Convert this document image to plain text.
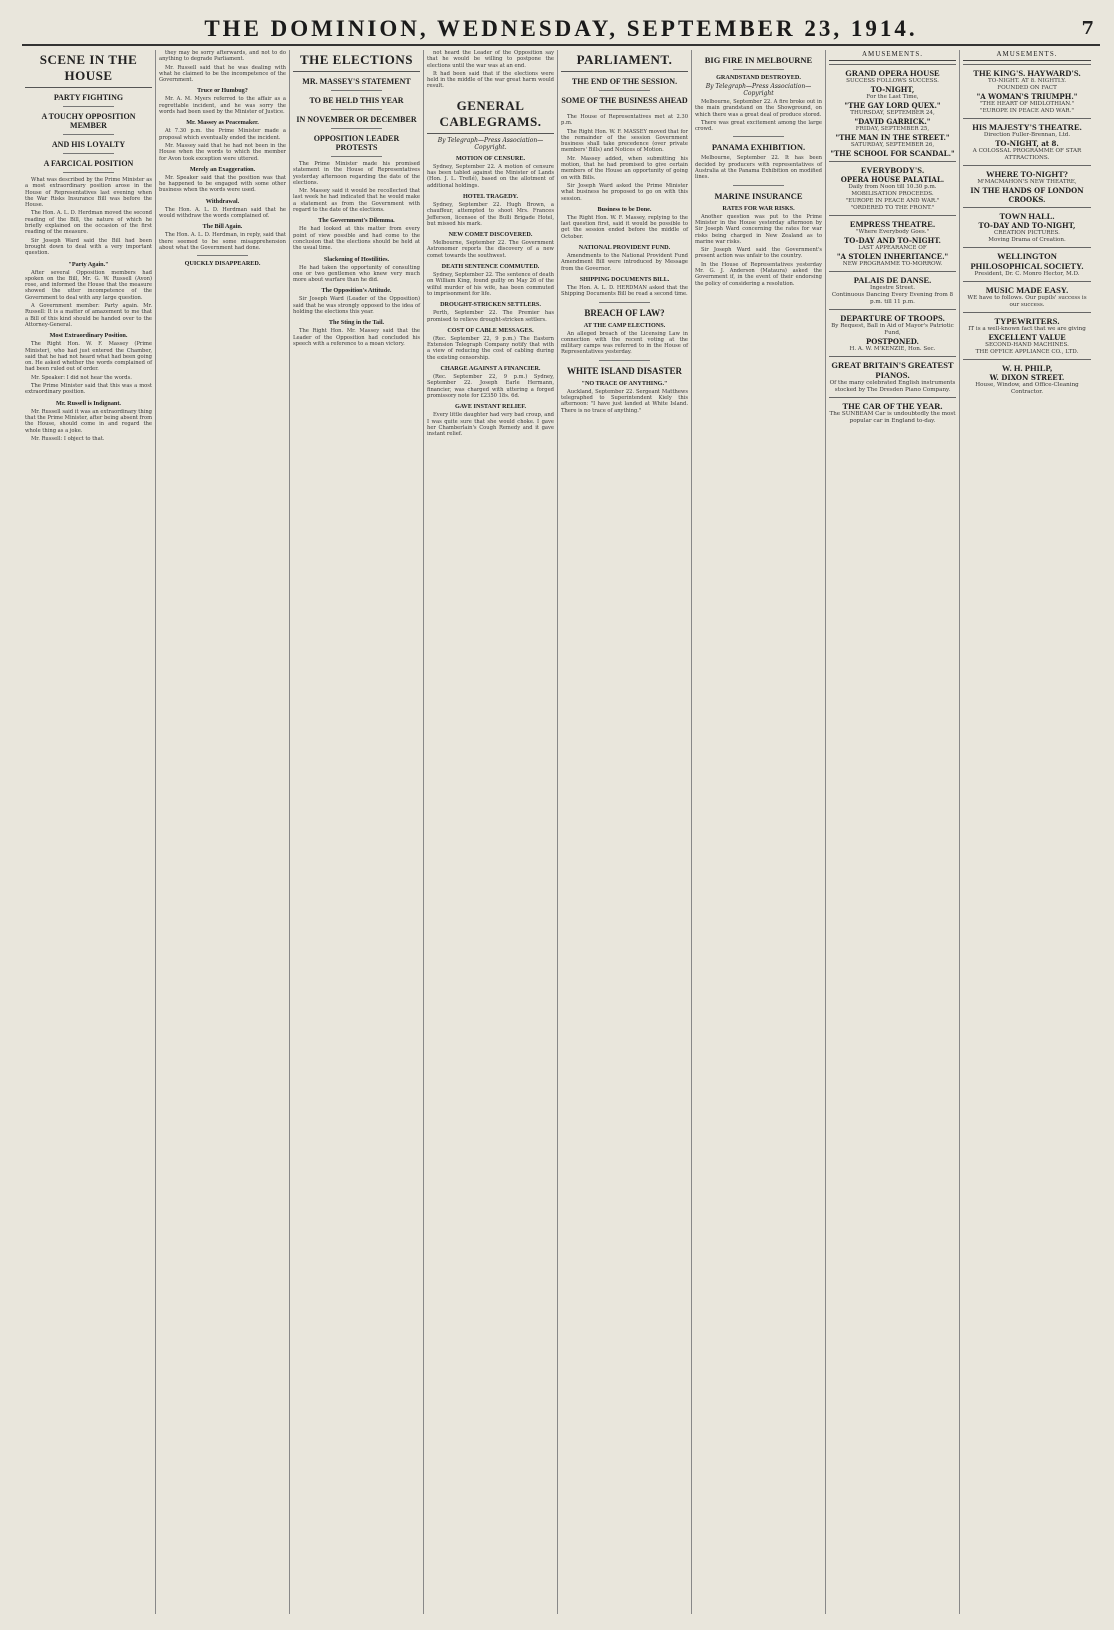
THE DOMINION, WEDNESDAY, SEPTEMBER 23, 1914.	7
SCENE IN THE HOUSE
PARTY FIGHTING
A TOUCHY OPPOSITION MEMBER
AND HIS LOYALTY
A FARCICAL POSITION

What was described by the Prime Minister as a most extraordinary position arose in the House of Representatives last evening when the War Risks Insurance Bill was before the House.

The Hon. A. L. D. Herdman moved the second reading of the Bill, the nature of which he briefly explained on the occasion of the first reading of the measure.

Sir Joseph Ward said the Bill had been brought down to deal with a very important question.

"Party Again."

After several Opposition members had spoken on the Bill, Mr. G. W. Russell (Avon) rose, and informed the House that the measure showed the utter incompetence of the Government to deal with any large question.

A Government member: Party again. Mr. Russell: It is a matter of amazement to me that a Bill of this kind should be handed over to the Attorney-General.

Most Extraordinary Position.

The Right Hon. W. F. Massey (Prime Minister), who had just entered the Chamber, said that he had not heard what had been going on. He asked whether the words complained of had been ruled out of order.

Mr. Speaker: I did not hear the words.

The Prime Minister said that this was a most extraordinary position.

Mr. Russell is Indignant.

Mr. Russell said it was an extraordinary thing that the Prime Minister, after being absent from the House, should come in and regard the whole thing as a joke.

Mr. Russell: I object to that.

they may be sorry afterwards, and not to do anything to degrade Parliament.

Mr. Russell said that he was dealing with what he claimed to be the incompetence of the Government.

Truce or Humbug?

Mr. A. M. Myers referred to the affair as a regrettable incident, and he was sorry the words had been used by the Minister of Justice.

Mr. Massey as Peacemaker.

At 7.30 p.m. the Prime Minister made a proposal which eventually ended the incident.

Mr. Massey said that he had not been in the House when the words to which the member for Avon took exception were uttered.

Merely an Exaggeration.

Mr. Speaker said that the position was that he happened to be engaged with some other business when the words were used.

Withdrawal.

The Hon. A. L. D. Herdman said that he would withdraw the words complained of.

The Bill Again.

The Hon. A. L. D. Herdman, in reply, said that there seemed to be some misapprehension about what the Government had done.

QUICKLY DISAPPEARED.
THE ELECTIONS
MR. MASSEY'S STATEMENT
TO BE HELD THIS YEAR
IN NOVEMBER OR DECEMBER
OPPOSITION LEADER PROTESTS

The Prime Minister made his promised statement in the House of Representatives yesterday afternoon regarding the date of the elections.

Mr. Massey said it would be recollected that last week he had indicated that he would make a statement as from the Government with regard to the date of the elections.

The Government's Dilemma.

He had looked at this matter from every point of view possible and had come to the conclusion that the elections should be held at the usual time.

Slackening of Hostilities.

He had taken the opportunity of consulting one or two gentlemen who knew very much more about warfare than he did.

The Opposition's Attitude.

Sir Joseph Ward (Leader of the Opposition) said that he was strongly opposed to the idea of holding the elections this year.

The Sting in the Tail.

The Right Hon. Mr. Massey said that the Leader of the Opposition had concluded his speech with a reference to a moan victory.

not heard the Leader of the Opposition say that he would be willing to postpone the elections until the war was at an end.

It had been said that if the elections were held in the middle of the war great harm would result.

GENERAL CABLEGRAMS.
By Telegraph—Press Association—Copyright.
MOTION OF CENSURE.

Sydney, September 22. A motion of censure has been tabled against the Minister of Lands (Hon. J. L. Treflé), based on the allotment of additional holdings.

HOTEL TRAGEDY.

Sydney, September 22. Hugh Brown, a chauffeur, attempted to shoot Mrs. Frances Jefferson, licensee of the Bulli Brigade Hotel, but missed his mark.

NEW COMET DISCOVERED.

Melbourne, September 22. The Government Astronomer reports the discovery of a new comet towards the southwest.

DEATH SENTENCE COMMUTED.

Sydney, September 22. The sentence of death on William King, found guilty on May 26 of the wilful murder of his wife, has been commuted to imprisonment for life.

DROUGHT-STRICKEN SETTLERS.

Perth, September 22. The Premier has promised to relieve drought-stricken settlers.

COST OF CABLE MESSAGES.

(Rec. September 22, 9 p.m.) The Eastern Extension Telegraph Company notify that with a view of reducing the cost of cabling during the existing censorship.

CHARGE AGAINST A FINANCIER.

(Rec. September 22, 9 p.m.) Sydney, September 22. Joseph Earle Hermann, financier, was charged with uttering a forged promissory note for £2350 18s. 6d.

GAVE INSTANT RELIEF.

Every little daughter had very bad croup, and I was quite sure that she would choke. I gave her Chamberlain's Cough Remedy and it gave instant relief.

PARLIAMENT.
THE END OF THE SESSION.
SOME OF THE BUSINESS AHEAD

The House of Representatives met at 2.30 p.m.

The Right Hon. W. F. MASSEY moved that for the remainder of the session Government business shall take precedence (over private members' Bills) and Notices of Motion.

Mr. Massey added, when submitting his motion, that he had promised to give certain members of the House an opportunity of going on with Bills.

Sir Joseph Ward asked the Prime Minister what business he proposed to go on with this session.

Business to be Done.

The Right Hon. W. F. Massey, replying to the last question first, said it would be possible to get the session ended before the middle of October.

NATIONAL PROVIDENT FUND.

Amendments to the National Provident Fund Amendment Bill were introduced by Message from the Governor.

SHIPPING DOCUMENTS BILL.

The Hon. A. L. D. HERDMAN asked that the Shipping Documents Bill be read a second time.

BREACH OF LAW?
AT THE CAMP ELECTIONS.

An alleged breach of the Licensing Law in connection with the recent voting at the military camps was referred to in the House of Representatives yesterday.

WHITE ISLAND DISASTER
"NO TRACE OF ANYTHING."

Auckland, September 22. Sergeant Matthews telegraphed to Superintendent Kiely this afternoon: "I have just landed at White Island. There is no trace of anything."

BIG FIRE IN MELBOURNE
GRANDSTAND DESTROYED.
By Telegraph—Press Association—Copyright

Melbourne, September 22. A fire broke out in the main grandstand on the Showground, on which there was a great deal of produce stored.

There was great excitement among the large crowd.

PANAMA EXHIBITION.

Melbourne, September 22. It has been decided by producers with representatives of Australia at the Panama Exhibition on modified lines.

MARINE INSURANCE
RATES FOR WAR RISKS.

Another question was put to the Prime Minister in the House yesterday afternoon by Sir Joseph Ward concerning the rates for war risks being charged in New Zealand as to marine war risks.

Sir Joseph Ward said the Government's present action was unfair to the country.

In the House of Representatives yesterday Mr. G. J. Anderson (Mataura) asked the Government if, in the event of their endorsing the policy of considering a resolution.

AMUSEMENTS.
GRAND OPERA HOUSE
SUCCESS FOLLOWS SUCCESS.
TO-NIGHT,
For the Last Time,
"THE GAY LORD QUEX."
THURSDAY, SEPTEMBER 24,
"DAVID GARRICK."
FRIDAY, SEPTEMBER 25,
"THE MAN IN THE STREET."
SATURDAY, SEPTEMBER 26,
"THE SCHOOL FOR SCANDAL."
EVERYBODY'S.
OPERA HOUSE PALATIAL.
Daily from Noon till 10.30 p.m.
MOBILISATION PROCEEDS.
"EUROPE IN PEACE AND WAR."
"ORDERED TO THE FRONT."
EMPRESS THEATRE.
"Where Everybody Goes."
TO-DAY AND TO-NIGHT.
LAST APPEARANCE OF
"A STOLEN INHERITANCE."
NEW PROGRAMME TO-MORROW.
PALAIS DE DANSE.
Ingestre Street.
Continuous Dancing Every Evening from 8 p.m. till 11 p.m.
DEPARTURE OF TROOPS.
By Request, Ball in Aid of Mayor's Patriotic Fund,
POSTPONED.
H. A. W. M'KENZIE, Hon. Sec.
GREAT BRITAIN'S GREATEST PIANOS.
Of the many celebrated English instruments stocked by The Dresden Piano Company.
THE CAR OF THE YEAR.
The SUNBEAM Car is undoubtedly the most popular car in England to-day.
AMUSEMENTS.
THE KING'S. HAYWARD'S.
TO-NIGHT. AT 8. NIGHTLY.
FOUNDED ON FACT
"A WOMAN'S TRIUMPH."
"THE HEART OF MIDLOTHIAN."
"EUROPE IN PEACE AND WAR."
HIS MAJESTY'S THEATRE.
Direction Fuller-Brennan, Ltd.
TO-NIGHT, at 8.
A COLOSSAL PROGRAMME OF STAR ATTRACTIONS.
WHERE TO-NIGHT?
M'MACMAHON'S NEW THEATRE,
IN THE HANDS OF LONDON CROOKS.
TOWN HALL.
TO-DAY AND TO-NIGHT,
CREATION PICTURES.
Moving Drama of Creation.
WELLINGTON PHILOSOPHICAL SOCIETY.
President, Dr. C. Monro Hector, M.D.
MUSIC MADE EASY.
WE have to follows. Our pupils' success is our success.
TYPEWRITERS.
IT is a well-known fact that we are giving
EXCELLENT VALUE
SECOND-HAND MACHINES.
THE OFFICE APPLIANCE CO., LTD.
W. H. PHILP,
W. DIXON STREET.
House, Window, and Office-Cleaning Contractor.
